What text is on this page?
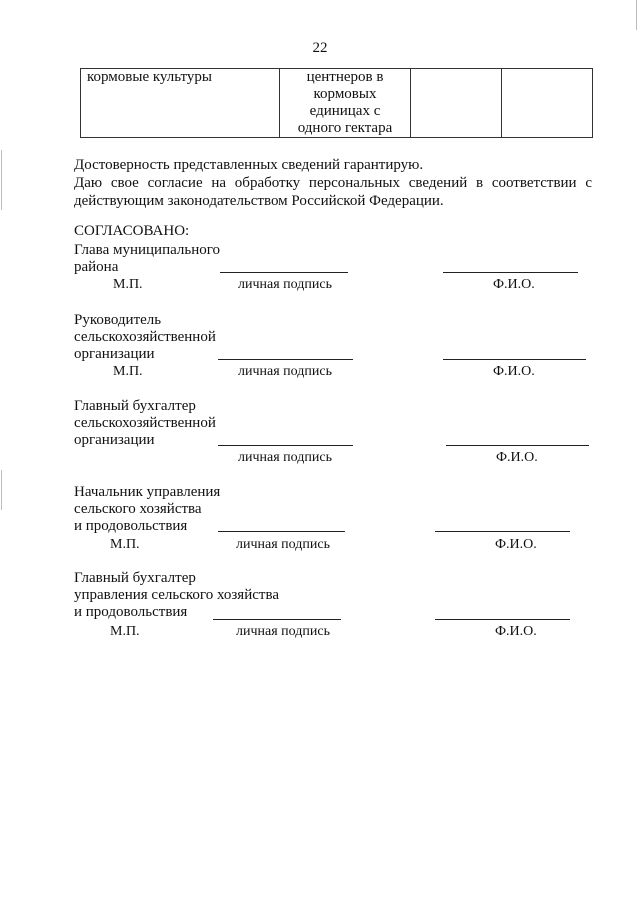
22
кормовые культуры	центнеров в
кормовых
единицах с
одного гектара

Достоверность представленных сведений гарантирую.

Даю свое согласие на обработку персональных сведений в соответствии с действующим законодательством Российской Федерации.

СОГЛАСОВАНО:
Глава муниципального
района
М.П.	личная подпись	Ф.И.О.
Руководитель
сельскохозяйственной
организации
М.П.	личная подпись	Ф.И.О.
Главный бухгалтер
сельскохозяйственной
организации
личная подпись	Ф.И.О.
Начальник управления
сельского хозяйства
и продовольствия
М.П.	личная подпись	Ф.И.О.
Главный бухгалтер
управления сельского хозяйства
и продовольствия
М.П.	личная подпись	Ф.И.О.
